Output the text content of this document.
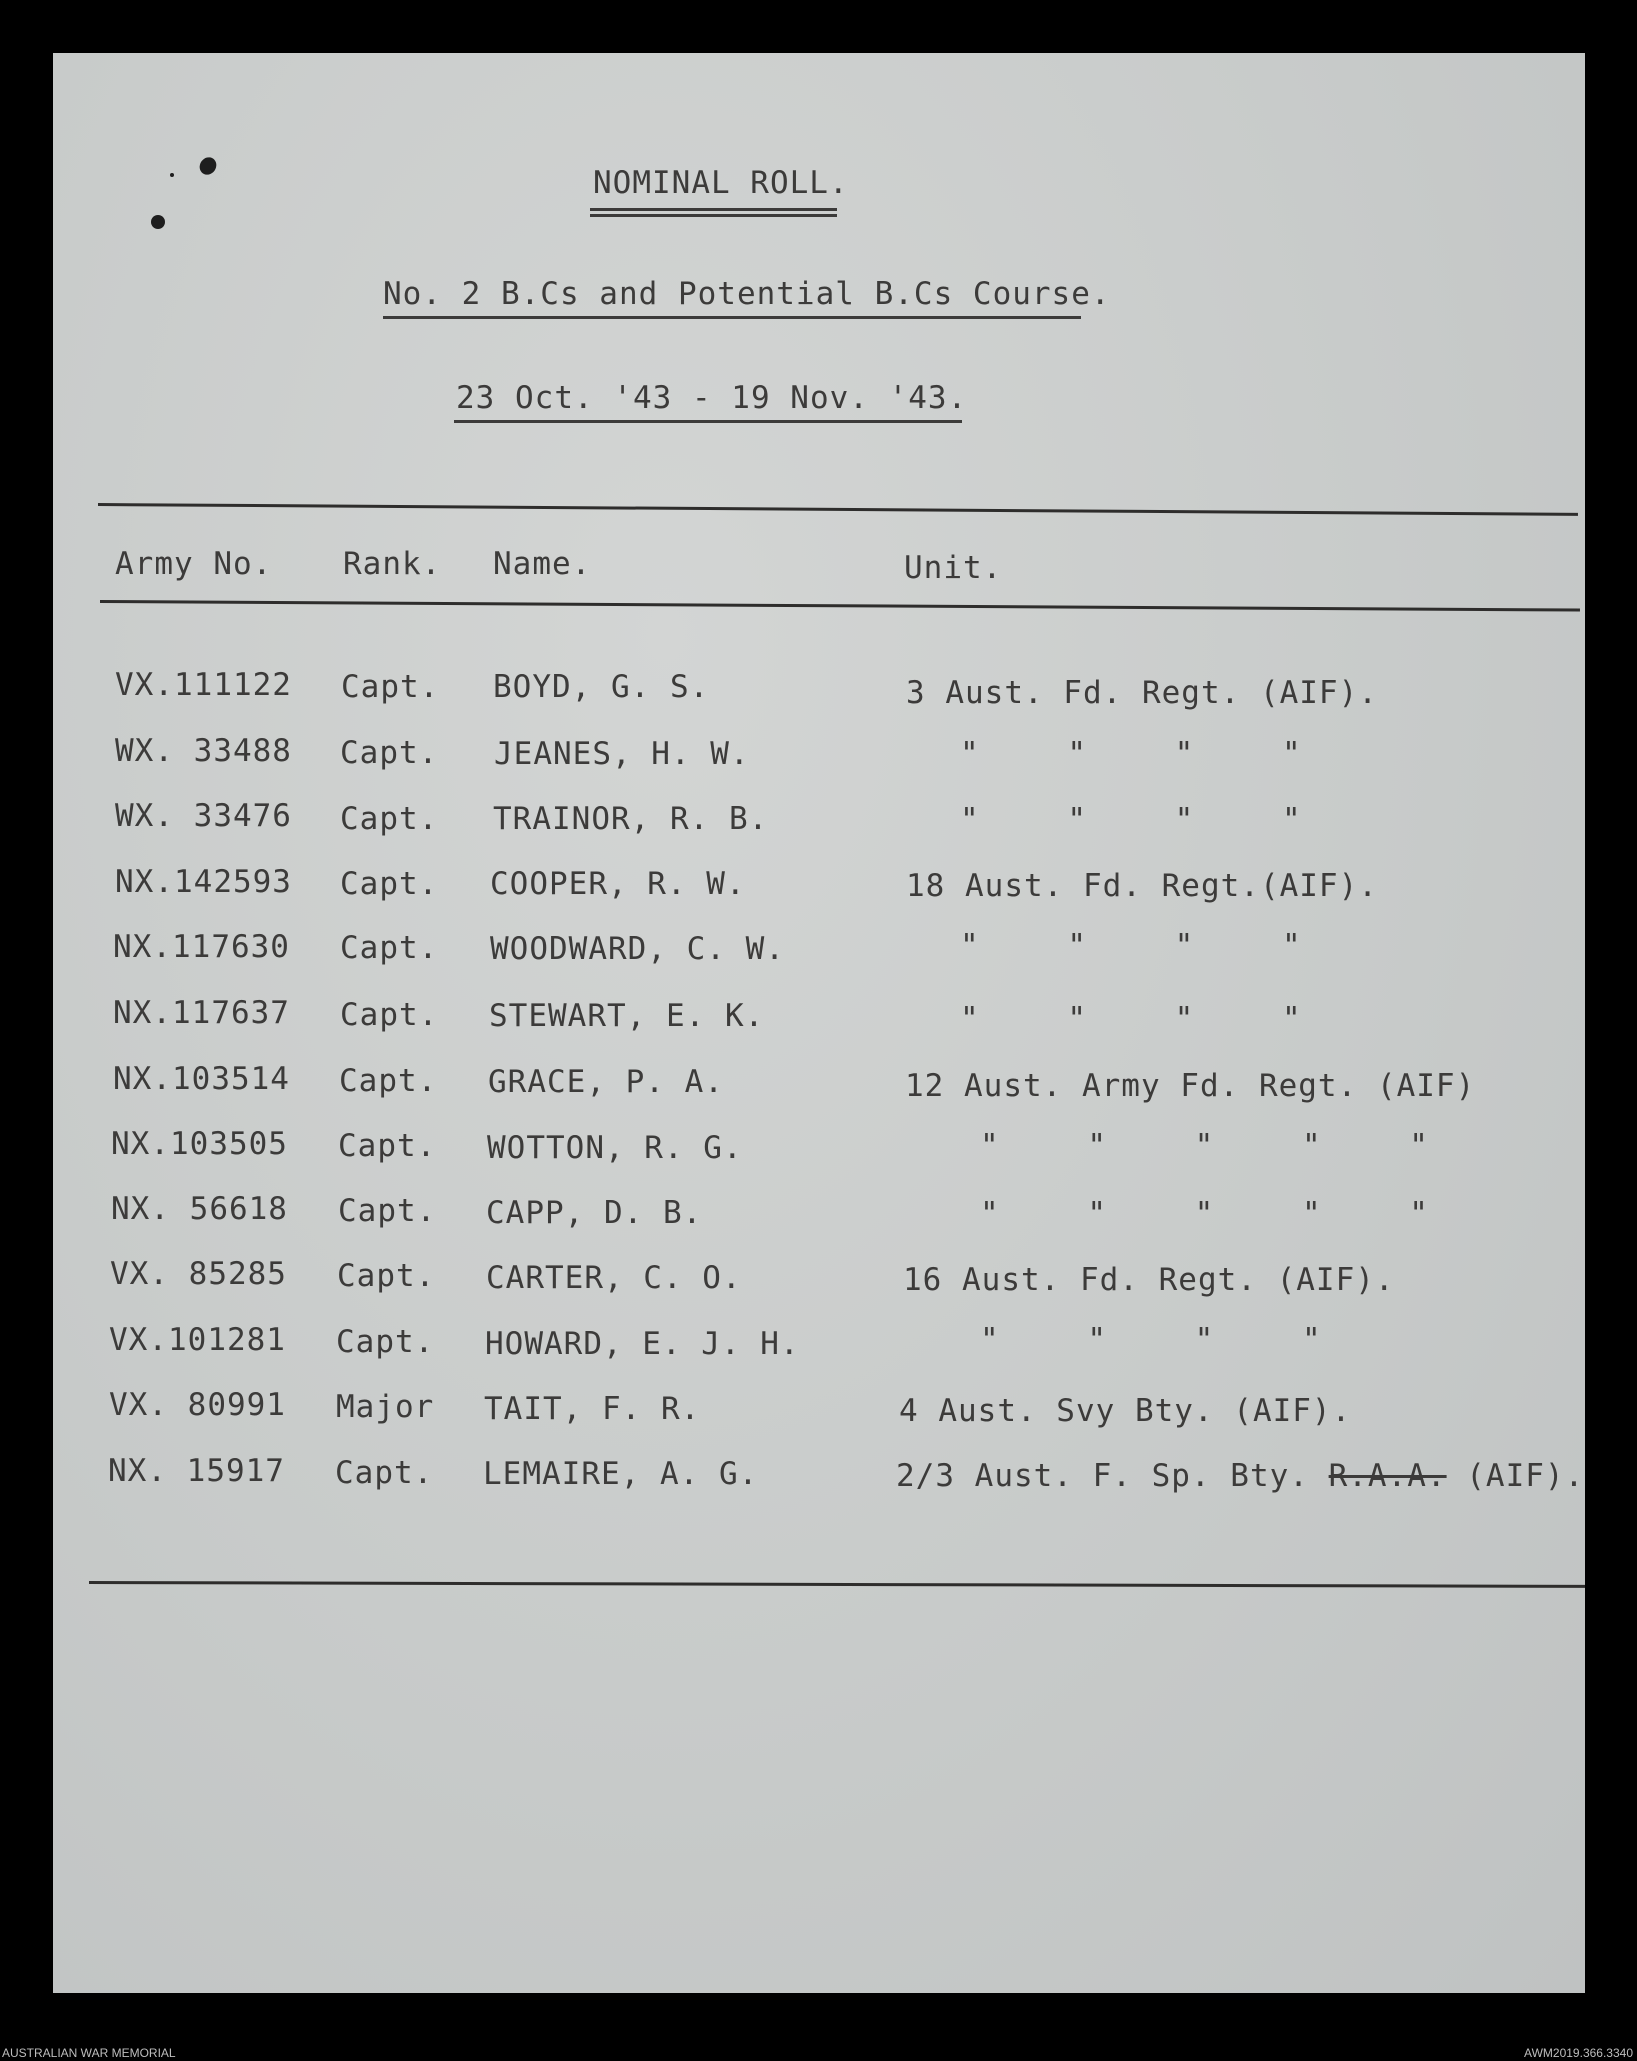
NOMINAL ROLL.
No. 2 B.Cs and Potential B.Cs Course.
23 Oct. '43 - 19 Nov. '43.
Army No. Rank. Name.	Unit.
VX.111122 Capt. BOYD, G. S.	3 Aust. Fd. Regt. (AIF).
WX. 33488 Capt. JEANES, H. W.	" " " "
WX. 33476 Capt. TRAINOR, R. B.	" " " "
NX.142593 Capt. COOPER, R. W.	18 Aust. Fd. Regt.(AIF).
NX.117630 Capt. WOODWARD, C. W.	" " " "
NX.117637 Capt. STEWART, E. K.	" " " "
NX.103514 Capt. GRACE, P. A.	12 Aust. Army Fd. Regt. (AIF)
NX.103505 Capt. WOTTON, R. G.	" " " " "
NX. 56618 Capt. CAPP, D. B.	" " " " "
VX. 85285 Capt. CARTER, C. O.	16 Aust. Fd. Regt. (AIF).
VX.101281 Capt. HOWARD, E. J. H.	" " " "
VX. 80991 Major TAIT, F. R.	4 Aust. Svy Bty. (AIF).
NX. 15917 Capt. LEMAIRE, A. G.	2/3 Aust. F. Sp. Bty. R.A.A. (AIF).
AUSTRALIAN WAR MEMORIAL	AWM2019.366.3340
